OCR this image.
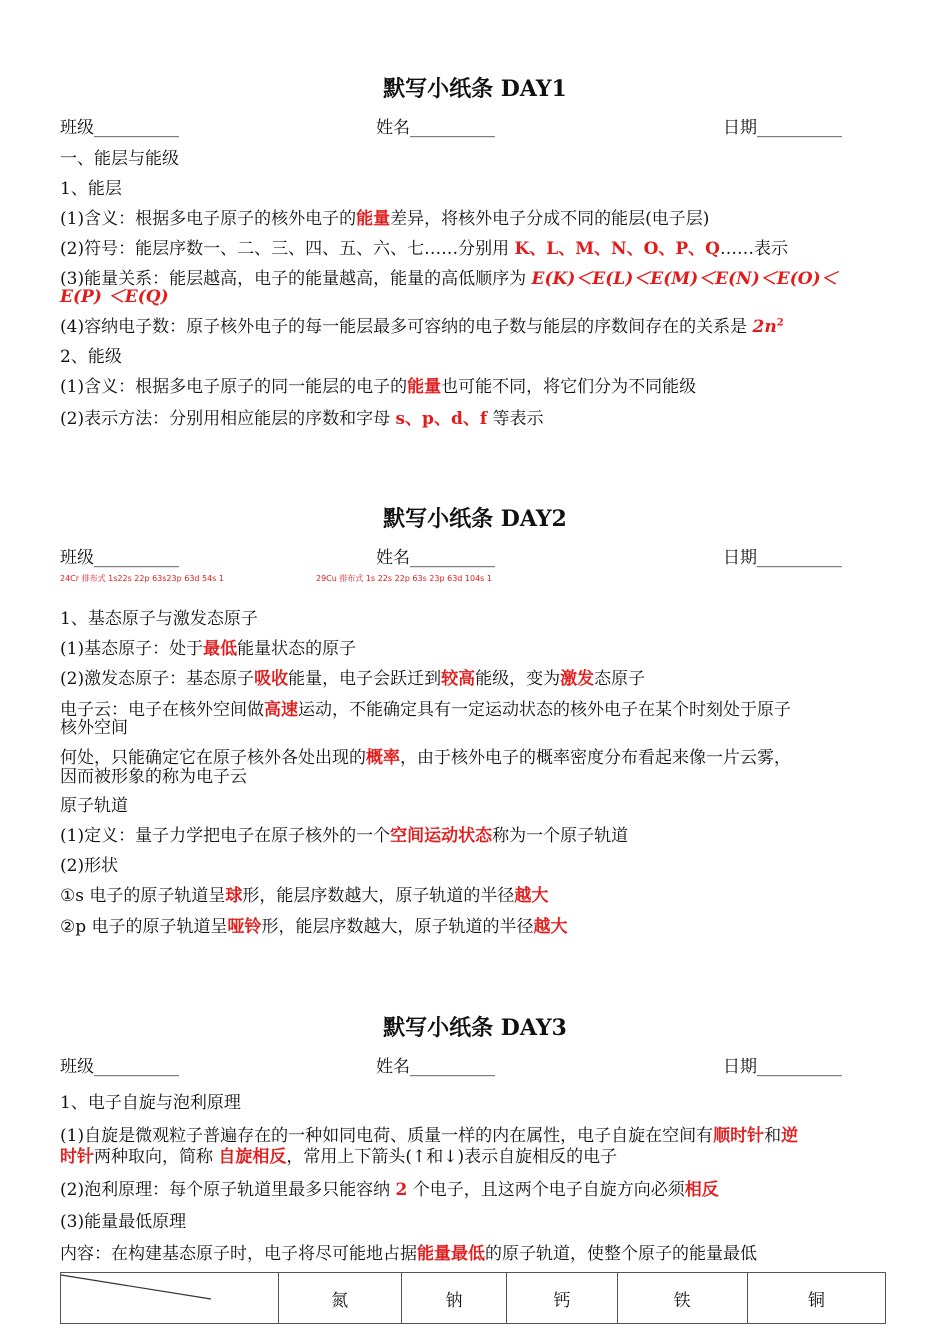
默写小纸条 DAY1
班级__________	姓名__________	日期__________
一、能层与能级
1、能层
(1)含义：根据多电子原子的核外电子的能量差异，将核外电子分成不同的能层(电子层)
(2)符号：能层序数一、二、三、四、五、六、七……分别用 K、L、M、N、O、P、Q……表示
(3)能量关系：能层越高，电子的能量越高，能量的高低顺序为 E(K)＜E(L)＜E(M)＜E(N)＜E(O)＜
E(P) ＜E(Q)
(4)容纳电子数：原子核外电子的每一能层最多可容纳的电子数与能层的序数间存在的关系是 $2n^2$
2、能级
(1)含义：根据多电子原子的同一能层的电子的能量也可能不同，将它们分为不同能级
(2)表示方法：分别用相应能层的序数和字母 s、p、d、f 等表示
默写小纸条 DAY2
班级__________	姓名__________	日期__________
24Cr 排布式 1s22s 22p 63s23p 63d 54s 1	29Cu 排布式 1s 22s 22p 63s 23p 63d 104s 1
1、基态原子与激发态原子
(1)基态原子：处于最低能量状态的原子
(2)激发态原子：基态原子吸收能量，电子会跃迁到较高能级，变为激发态原子
电子云：电子在核外空间做高速运动，不能确定具有一定运动状态的核外电子在某个时刻处于原子
核外空间
何处，只能确定它在原子核外各处出现的概率，由于核外电子的概率密度分布看起来像一片云雾，
因而被形象的称为电子云
原子轨道
(1)定义：量子力学把电子在原子核外的一个空间运动状态称为一个原子轨道
(2)形状
①s 电子的原子轨道呈球形，能层序数越大，原子轨道的半径越大
②p 电子的原子轨道呈哑铃形，能层序数越大，原子轨道的半径越大
默写小纸条 DAY3
班级__________	姓名__________	日期__________
1、电子自旋与泡利原理
(1)自旋是微观粒子普遍存在的一种如同电荷、质量一样的内在属性，电子自旋在空间有顺时针和逆
时针两种取向，简称 自旋相反，常用上下箭头(↑和↓)表示自旋相反的电子
(2)泡利原理：每个原子轨道里最多只能容纳 2 个电子，且这两个电子自旋方向必须相反
(3)能量最低原理
内容：在构建基态原子时，电子将尽可能地占据能量最低的原子轨道，使整个原子的能量最低
	氮	钠	钙	铁	铜
